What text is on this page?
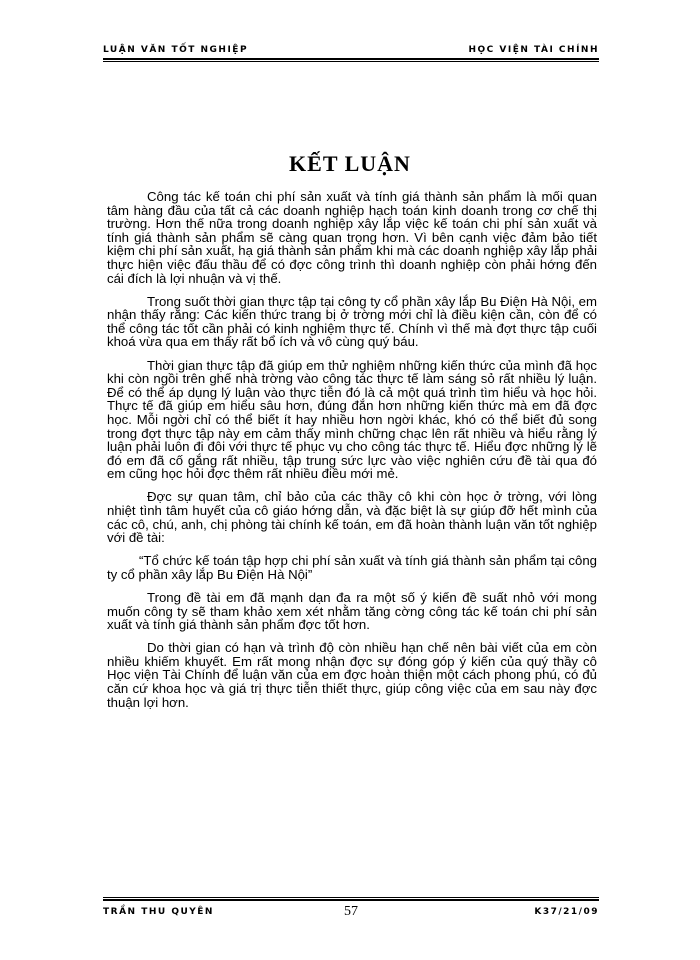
LUẬN VĂN TỐT NGHIỆP	HỌC VIỆN TÀI CHÍNH
KẾT LUẬN

Công tác kế toán chi phí sản xuất và tính giá thành sản phẩm là mối quan tâm hàng đầu của tất cả các doanh nghiệp hạch toán kinh doanh trong cơ chế thị trường. Hơn thế nữa trong doanh nghiệp xây lắp việc kế toán chi phí sản xuất và tính giá thành sản phẩm sẽ càng quan trọng hơn. Vì bên cạnh việc đảm bảo tiết kiệm chi phí sản xuất, hạ giá thành sản phẩm khi mà các doanh nghiệp xây lắp phải thực hiện việc đấu thầu để có đợc công trình thì doanh nghiệp còn phải hớng đến cái đích là lợi nhuận và vị thế.

Trong suốt thời gian thực tập tại công ty cổ phần xây lắp Bu Điện Hà Nội, em nhận thấy rằng: Các kiến thức trang bị ở trờng mới chỉ là điều kiện cần, còn để có thể công tác tốt cần phải có kinh nghiệm thực tế. Chính vì thế mà đợt thực tập cuối khoá vừa qua em thấy rất bổ ích và vô cùng quý báu.

Thời gian thực tập đã giúp em thử nghiệm những kiến thức của mình đã học khi còn ngồi trên ghế nhà trờng vào công tác thực tế làm sáng sỏ rất nhiều lý luận. Để có thể áp dụng lý luận vào thực tiễn đó là cả một quá trình tìm hiểu và học hỏi. Thực tế đã giúp em hiểu sâu hơn, đúng đắn hơn những kiến thức mà em đã đợc học. Mỗi ngời chỉ có thể biết ít hay nhiều hơn ngời khác, khó có thể biết đủ song trong đợt thực tập này em cảm thấy mình chững chạc lên rất nhiều và hiểu rằng lý luận phải luôn đi đôi với thực tế phục vụ cho công tác thực tế. Hiểu đợc những lý lẽ đó em đã cố gắng rất nhiều, tập trung sức lực vào việc nghiên cứu đề tài qua đó em cũng học hỏi đợc thêm rất nhiều điều mới mẻ.

Đợc sự quan tâm, chỉ bảo của các thầy cô khi còn học ở trờng, với lòng nhiệt tình tâm huyết của cô giáo hớng dẫn, và đặc biệt là sự giúp đỡ hết mình của các cô, chú, anh, chị phòng tài chính kế toán, em đã hoàn thành luận văn tốt nghiệp với đề tài:

“Tổ chức kế toán tập hợp chi phí sản xuất và tính giá thành sản phẩm tại công ty cổ phần xây lắp Bu Điện Hà Nội”

Trong đề tài em đã mạnh dạn đa ra một số ý kiến đề suất nhỏ với mong muốn công ty sẽ tham khảo xem xét nhằm tăng cờng công tác kế toán chi phí sản xuất và tính giá thành sản phẩm đợc tốt hơn.

Do thời gian có hạn và trình độ còn nhiều hạn chế nên bài viết của em còn nhiều khiếm khuyết. Em rất mong nhận đợc sự đóng góp ý kiến của quý thầy cô Học viện Tài Chính để luận văn của em đợc hoàn thiện một cách phong phú, có đủ căn cứ khoa học và giá trị thực tiễn thiết thực, giúp công việc của em sau này đợc thuận lợi hơn.

TRẦN THU QUYÊN	57	K37/21/09
